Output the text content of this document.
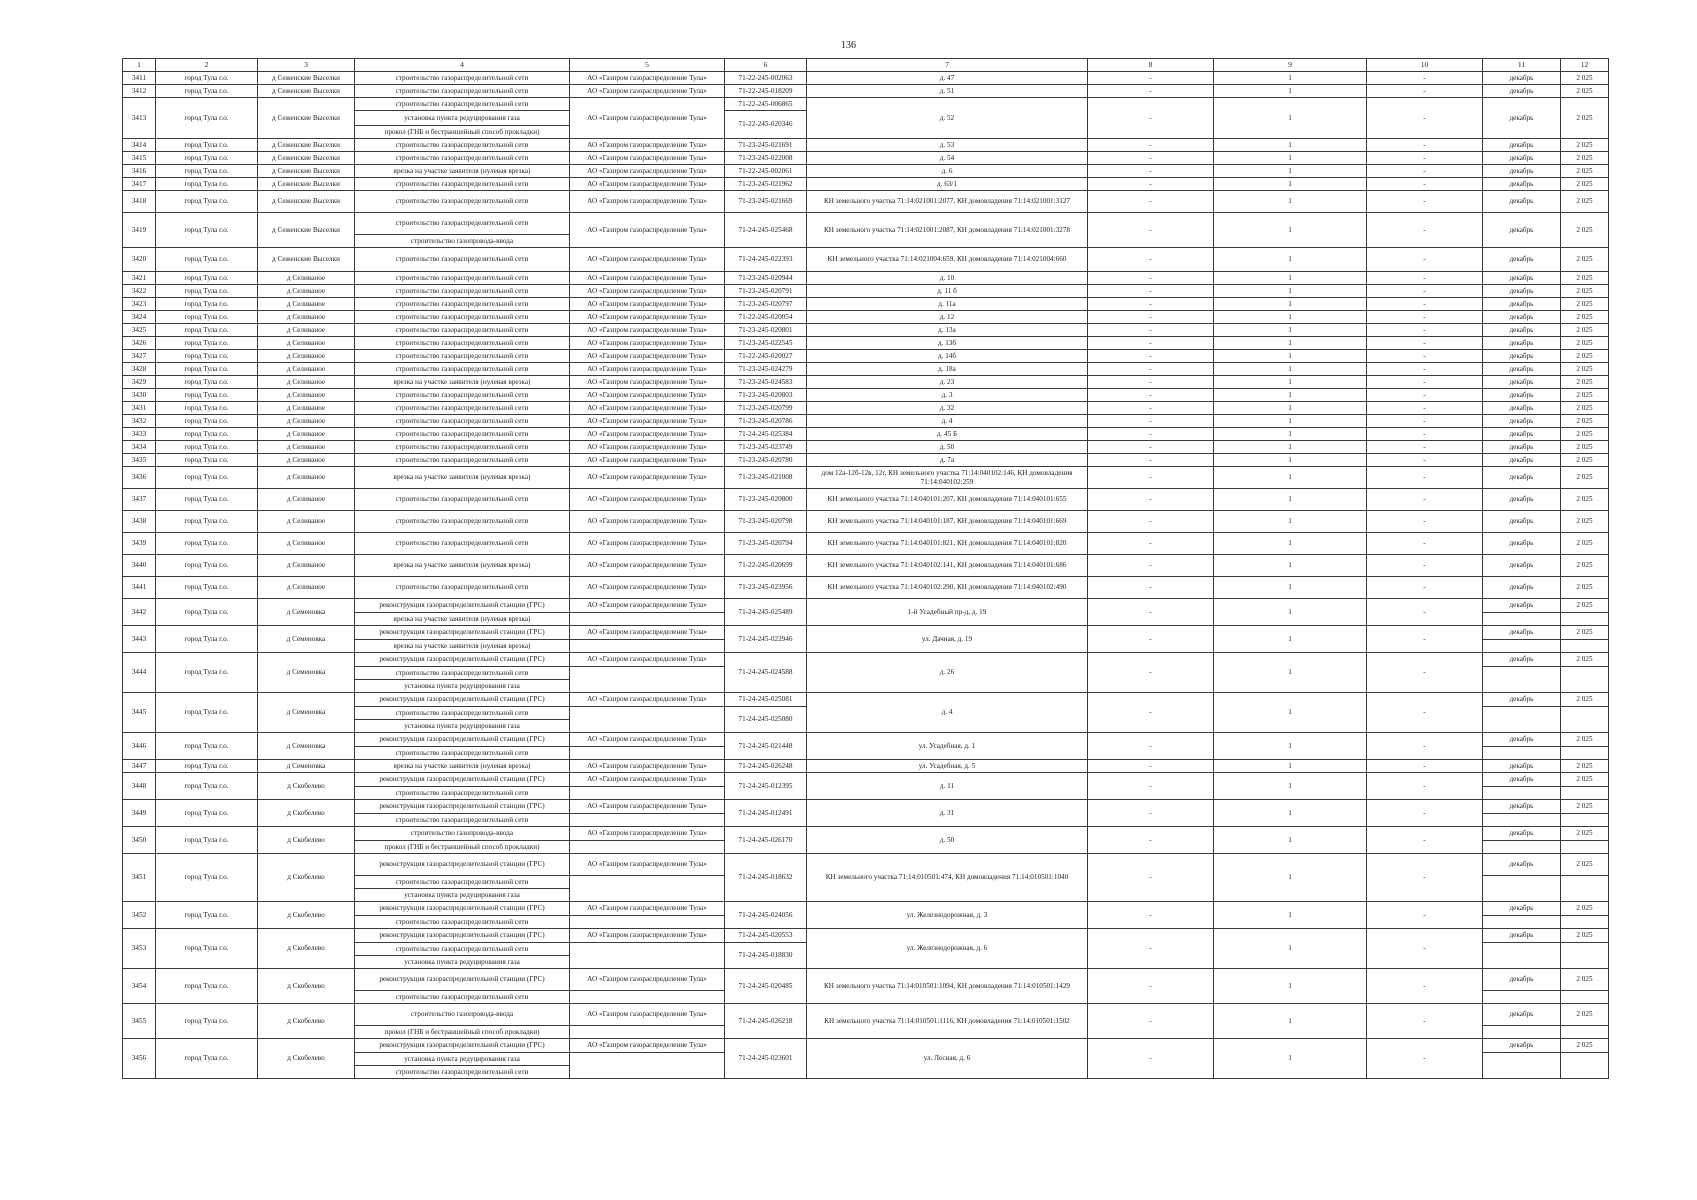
136
1	2	3	4	5	6	7	8	9	10	11	12
3411	город Тула г.о.	д Сеженские Выселки	строительство газораспределительной сети	АО «Газпром газораспределение Тула»	71-22-245-002063	д. 47	-	1	-	декабрь	2 025
3412	город Тула г.о.	д Сеженские Выселки	строительство газораспределительной сети	АО «Газпром газораспределение Тула»	71-22-245-018209	д. 51	-	1	-	декабрь	2 025
3413	город Тула г.о.	д Сеженские Выселки	строительство газораспределительной сети	АО «Газпром газораспределение Тула»	71-22-245-006865	д. 52	-	1	-	декабрь	2 025
			установка пункта редуцирования газа		71-22-245-020346						
			прокол (ГНБ и бестраншейный способ прокладки)								
3414	город Тула г.о.	д Сеженские Выселки	строительство газораспределительной сети	АО «Газпром газораспределение Тула»	71-23-245-021691	д. 53	-	1	-	декабрь	2 025
3415	город Тула г.о.	д Сеженские Выселки	строительство газораспределительной сети	АО «Газпром газораспределение Тула»	71-23-245-022008	д. 54	-	1	-	декабрь	2 025
3416	город Тула г.о.	д Сеженские Выселки	врезка на участке заявителя (нулевая врезка)	АО «Газпром газораспределение Тула»	71-22-245-002061	д. 6	-	1	-	декабрь	2 025
3417	город Тула г.о.	д Сеженские Выселки	строительство газораспределительной сети	АО «Газпром газораспределение Тула»	71-23-245-021962	д. 63/1	-	1	-	декабрь	2 025
3418	город Тула г.о.	д Сеженские Выселки	строительство газораспределительной сети	АО «Газпром газораспределение Тула»	71-23-245-021669	КН земельного участка 71:14:021001:2077, КН домовладения 71:14:021001:3127	-	1	-	декабрь	2 025
3419	город Тула г.о.	д Сеженские Выселки	строительство газораспределительной сети	АО «Газпром газораспределение Тула»	71-24-245-025468	КН земельного участка 71:14:021001:2087, КН домовладения 71:14:021001:3278	-	1	-	декабрь	2 025
			строительство газопровода-ввода								
3420	город Тула г.о.	д Сеженские Выселки	строительство газораспределительной сети	АО «Газпром газораспределение Тула»	71-24-245-022393	КН земельного участка 71:14:021004:659, КН домовладения 71:14:021004:660	-	1	-	декабрь	2 025
3421	город Тула г.о.	д Селиваное	строительство газораспределительной сети	АО «Газпром газораспределение Тула»	71-23-245-020944	д. 10	-	1	-	декабрь	2 025
3422	город Тула г.о.	д Селиваное	строительство газораспределительной сети	АО «Газпром газораспределение Тула»	71-23-245-020791	д. 11 б	-	1	-	декабрь	2 025
3423	город Тула г.о.	д Селиваное	строительство газораспределительной сети	АО «Газпром газораспределение Тула»	71-23-245-020797	д. 11а	-	1	-	декабрь	2 025
3424	город Тула г.о.	д Селиваное	строительство газораспределительной сети	АО «Газпром газораспределение Тула»	71-22-245-020054	д. 12	-	1	-	декабрь	2 025
3425	город Тула г.о.	д Селиваное	строительство газораспределительной сети	АО «Газпром газораспределение Тула»	71-23-245-020801	д. 13а	-	1	-	декабрь	2 025
3426	город Тула г.о.	д Селиваное	строительство газораспределительной сети	АО «Газпром газораспределение Тула»	71-23-245-022545	д. 13б	-	1	-	декабрь	2 025
3427	город Тула г.о.	д Селиваное	строительство газораспределительной сети	АО «Газпром газораспределение Тула»	71-22-245-020027	д. 14б	-	1	-	декабрь	2 025
3428	город Тула г.о.	д Селиваное	строительство газораспределительной сети	АО «Газпром газораспределение Тула»	71-23-245-024279	д. 18а	-	1	-	декабрь	2 025
3429	город Тула г.о.	д Селиваное	врезка на участке заявителя (нулевая врезка)	АО «Газпром газораспределение Тула»	71-23-245-024583	д. 23	-	1	-	декабрь	2 025
3430	город Тула г.о.	д Селиваное	строительство газораспределительной сети	АО «Газпром газораспределение Тула»	71-23-245-020803	д. 3	-	1	-	декабрь	2 025
3431	город Тула г.о.	д Селиваное	строительство газораспределительной сети	АО «Газпром газораспределение Тула»	71-23-245-020799	д. 32	-	1	-	декабрь	2 025
3432	город Тула г.о.	д Селиваное	строительство газораспределительной сети	АО «Газпром газораспределение Тула»	71-23-245-020786	д. 4	-	1	-	декабрь	2 025
3433	город Тула г.о.	д Селиваное	строительство газораспределительной сети	АО «Газпром газораспределение Тула»	71-24-245-025384	д. 45 Б	-	1	-	декабрь	2 025
3434	город Тула г.о.	д Селиваное	строительство газораспределительной сети	АО «Газпром газораспределение Тула»	71-23-245-023749	д. 50	-	1	-	декабрь	2 025
3435	город Тула г.о.	д Селиваное	строительство газораспределительной сети	АО «Газпром газораспределение Тула»	71-23-245-020780	д. 7а	-	1	-	декабрь	2 025
3436	город Тула г.о.	д Селиваное	врезка на участке заявителя (нулевая врезка)	АО «Газпром газораспределение Тула»	71-23-245-021008	дом 12а-12б-12в, 12г, КН земельного участка 71:14:040102:146, КН домовладения 71:14:040102:259	-	1	-	декабрь	2 025
3437	город Тула г.о.	д Селиваное	строительство газораспределительной сети	АО «Газпром газораспределение Тула»	71-23-245-020800	КН земельного участка 71:14:040101:207, КН домовладения 71:14:040101:655	-	1	-	декабрь	2 025
3438	город Тула г.о.	д Селиваное	строительство газораспределительной сети	АО «Газпром газораспределение Тула»	71-23-245-020798	КН земельного участка 71:14:040101:187, КН домовладения 71:14:040101:669	-	1	-	декабрь	2 025
3439	город Тула г.о.	д Селиваное	строительство газораспределительной сети	АО «Газпром газораспределение Тула»	71-23-245-020794	КН земельного участка 71:14:040101:821, КН домовладения 71:14:040101:820	-	1	-	декабрь	2 025
3440	город Тула г.о.	д Селиваное	врезка на участке заявителя (нулевая врезка)	АО «Газпром газораспределение Тула»	71-22-245-020699	КН земельного участка 71:14:040102:141, КН домовладения 71:14:040101:686	-	1	-	декабрь	2 025
3441	город Тула г.о.	д Селиваное	строительство газораспределительной сети	АО «Газпром газораспределение Тула»	71-23-245-023956	КН земельного участка 71:14:040102:290, КН домовладения 71:14:040102:490	-	1	-	декабрь	2 025
3442	город Тула г.о.	д Семеновка	реконструкция газораспределительной станции (ГРС)	АО «Газпром газораспределение Тула»	71-24-245-025489	1-й Усадебный пр-д, д. 19	-	1	-	декабрь	2 025
			врезка на участке заявителя (нулевая врезка)								
3443	город Тула г.о.	д Семеновка	реконструкция газораспределительной станции (ГРС)	АО «Газпром газораспределение Тула»	71-24-245-022946	ул. Дачная, д. 19	-	1	-	декабрь	2 025
			врезка на участке заявителя (нулевая врезка)								
3444	город Тула г.о.	д Семеновка	реконструкция газораспределительной станции (ГРС)	АО «Газпром газораспределение Тула»	71-24-245-024588	д. 26	-	1	-	декабрь	2 025
			строительство газораспределительной сети								
			установка пункта редуцирования газа								
3445	город Тула г.о.	д Семеновка	реконструкция газораспределительной станции (ГРС)	АО «Газпром газораспределение Тула»	71-24-245-025081	д. 4	-	1	-	декабрь	2 025
			строительство газораспределительной сети		71-24-245-025080						
			установка пункта редуцирования газа								
3446	город Тула г.о.	д Семеновка	реконструкция газораспределительной станции (ГРС)	АО «Газпром газораспределение Тула»	71-24-245-021448	ул. Усадебная, д. 1	-	1	-	декабрь	2 025
			строительство газораспределительной сети								
3447	город Тула г.о.	д Семеновка	врезка на участке заявителя (нулевая врезка)	АО «Газпром газораспределение Тула»	71-24-245-026248	ул. Усадебная, д. 5	-	1	-	декабрь	2 025
3448	город Тула г.о.	д Скобелево	реконструкция газораспределительной станции (ГРС)	АО «Газпром газораспределение Тула»	71-24-245-012395	д. 11	-	1	-	декабрь	2 025
			строительство газораспределительной сети								
3449	город Тула г.о.	д Скобелево	реконструкция газораспределительной станции (ГРС)	АО «Газпром газораспределение Тула»	71-24-245-012491	д. 31	-	1	-	декабрь	2 025
			строительство газораспределительной сети								
3450	город Тула г.о.	д Скобелево	строительство газопровода-ввода	АО «Газпром газораспределение Тула»	71-24-245-026170	д. 50	-	1	-	декабрь	2 025
			прокол (ГНБ и бестраншейный способ прокладки)								
3451	город Тула г.о.	д Скобелево	реконструкция газораспределительной станции (ГРС)	АО «Газпром газораспределение Тула»	71-24-245-018632	КН земельного участка 71:14:010501:474, КН домовладения 71:14:010501:1040	-	1	-	декабрь	2 025
			строительство газораспределительной сети								
			установка пункта редуцирования газа								
3452	город Тула г.о.	д Скобелево	реконструкция газораспределительной станции (ГРС)	АО «Газпром газораспределение Тула»	71-24-245-024056	ул. Железнодорожная, д. 3	-	1	-	декабрь	2 025
			строительство газораспределительной сети								
3453	город Тула г.о.	д Скобелево	реконструкция газораспределительной станции (ГРС)	АО «Газпром газораспределение Тула»	71-24-245-020553	ул. Железнодорожная, д. 6	-	1	-	декабрь	2 025
			строительство газораспределительной сети		71-24-245-018830						
			установка пункта редуцирования газа								
3454	город Тула г.о.	д Скобелево	реконструкция газораспределительной станции (ГРС)	АО «Газпром газораспределение Тула»	71-24-245-020485	КН земельного участка 71:14:010501:1094, КН домовладения 71:14:010501:1429	-	1	-	декабрь	2 025
			строительство газораспределительной сети								
3455	город Тула г.о.	д Скобелево	строительство газопровода-ввода	АО «Газпром газораспределение Тула»	71-24-245-026218	КН земельного участка 71:14:010501:1116, КН домовладения 71:14:010501:1502	-	1	-	декабрь	2 025
			прокол (ГНБ и бестраншейный способ прокладки)								
3456	город Тула г.о.	д Скобелево	реконструкция газораспределительной станции (ГРС)	АО «Газпром газораспределение Тула»	71-24-245-023601	ул. Лесная, д. 6	-	1	-	декабрь	2 025
			установка пункта редуцирования газа								
			строительство газораспределительной сети								
